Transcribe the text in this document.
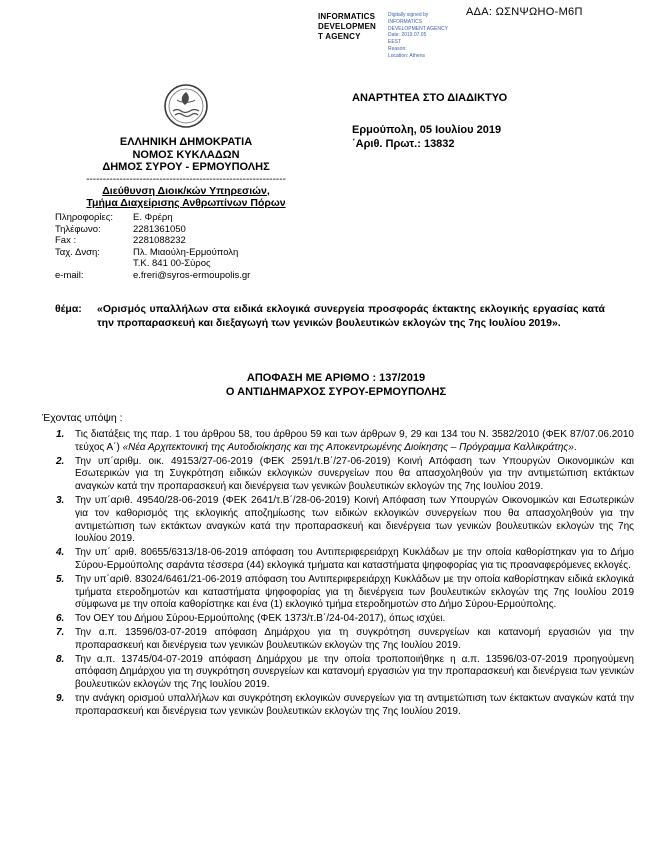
INFORMATICS DEVELOPMEN T AGENCY
Digitally signed by
INFORMATICS
DEVELOPMENT AGENCY
Date: 2019.07.05
EEST
Reason:
Location: Athens
ΑΔΑ: ΩΣΝΨΩΗΟ-Μ6Π
ΑΝΑΡΤΗΤΕΑ ΣΤΟ ΔΙΑΔΙΚΤΥΟ
Ερμούπολη, 05 Ιουλίου 2019
΄Αριθ. Πρωτ.: 13832
ΕΛΛΗΝΙΚΗ ΔΗΜΟΚΡΑΤΙΑ
ΝΟΜΟΣ ΚΥΚΛΑΔΩΝ
ΔΗΜΟΣ ΣΥΡΟΥ - ΕΡΜΟΥΠΟΛΗΣ
------------------------------------------------------------
Διεύθυνση Διοικ/κών Υπηρεσιών,
Τμήμα Διαχείρισης Ανθρωπίνων Πόρων
Πληροφορίες:	Ε. Φρέρη
Τηλέφωνο:	2281361050
Fax :	2281088232
Ταχ. Δνση:	Πλ. Μιαούλη-Ερμούπολη
Τ.Κ. 841 00-Σύρος
e-mail:	e.freri@syros-ermoupolis.gr
θέμα:	«Ορισμός υπαλλήλων στα ειδικά εκλογικά συνεργεία προσφοράς έκτακτης εκλογικής εργασίας κατά την προπαρασκευή και διεξαγωγή των γενικών βουλευτικών εκλογών της 7ης Ιουλίου 2019».
ΑΠΟΦΑΣΗ ΜΕ ΑΡΙΘΜΟ : 137/2019
Ο ΑΝΤΙΔΗΜΑΡΧΟΣ ΣΥΡΟΥ-ΕΡΜΟΥΠΟΛΗΣ
Έχοντας υπόψη :
1.	Τις διατάξεις της παρ. 1 του άρθρου 58, του άρθρου 59 και των άρθρων 9, 29 και 134 του Ν. 3582/2010 (ΦΕΚ 87/07.06.2010 τεύχος Α΄) «Νέα Αρχιτεκτονική της Αυτοδιοίκησης και της Αποκεντρωμένης Διοίκησης – Πρόγραμμα Καλλικράτης».
2.	Την υπ΄αριθμ. οικ. 49153/27-06-2019 (ΦΕΚ 2591/τ.Β΄/27-06-2019) Κοινή Απόφαση των Υπουργών Οικονομικών και Εσωτερικών για τη Συγκρότηση ειδικών εκλογικών συνεργείων που θα απασχοληθούν για την αντιμετώπιση εκτάκτων αναγκών κατά την προπαρασκευή και διενέργεια των γενικών βουλευτικών εκλογών της 7ης Ιουλίου 2019.
3.	Την υπ΄αριθ. 49540/28-06-2019 (ΦΕΚ 2641/τ.Β΄/28-06-2019) Κοινή Απόφαση των Υπουργών Οικονομικών και Εσωτερικών για τον καθορισμός της εκλογικής αποζημίωσης των ειδικών εκλογικών συνεργείων που θα απασχοληθούν για την αντιμετώπιση των εκτάκτων αναγκών κατά την προπαρασκευή και διενέργεια των γενικών βουλευτικών εκλογών της 7ης Ιουλίου 2019.
4.	Την υπ΄ αριθ. 80655/6313/18-06-2019 απόφαση του Αντιπεριφερειάρχη Κυκλάδων με την οποία καθορίστηκαν για το Δήμο Σύρου-Ερμούπολης σαράντα τέσσερα (44) εκλογικά τμήματα και καταστήματα ψηφοφορίας για τις προαναφερόμενες εκλογές.
5.	Την υπ΄αριθ. 83024/6461/21-06-2019 απόφαση του Αντιπεριφερειάρχη Κυκλάδων με την οποία καθορίστηκαν ειδικά εκλογικά τμήματα ετεροδημοτών και καταστήματα ψηφοφορίας για τη διενέργεια των βουλευτικών εκλογών της 7ης Ιουλίου 2019 σύμφωνα με την οποία καθορίστηκε και ένα (1) εκλογικό τμήμα ετεροδημοτών στο Δήμο Σύρου-Ερμούπολης.
6.	Τον ΟΕΥ του Δήμου Σύρου-Ερμούπολης (ΦΕΚ 1373/τ.Β΄/24-04-2017), όπως ισχύει.
7.	Την α.π. 13596/03-07-2019 απόφαση Δημάρχου για τη συγκρότηση συνεργείων και κατανομή εργασιών για την προπαρασκευή και διενέργεια των γενικών βουλευτικών εκλογών της 7ης Ιουλίου 2019.
8.	Την α.π. 13745/04-07-2019 απόφαση Δημάρχου με την οποία τροποποιήθηκε η α.π. 13596/03-07-2019 προηγούμενη απόφαση Δημάρχου για τη συγκρότηση συνεργείων και κατανομή εργασιών για την προπαρασκευή και διενέργεια των γενικών βουλευτικών εκλογών της 7ης Ιουλίου 2019.
9.	την ανάγκη ορισμού υπαλλήλων και συγκρότηση εκλογικών συνεργείων για τη αντιμετώπιση των έκτακτων αναγκών κατά την προπαρασκευή και διενέργεια των γενικών βουλευτικών εκλογών της 7ης Ιουλίου 2019.
